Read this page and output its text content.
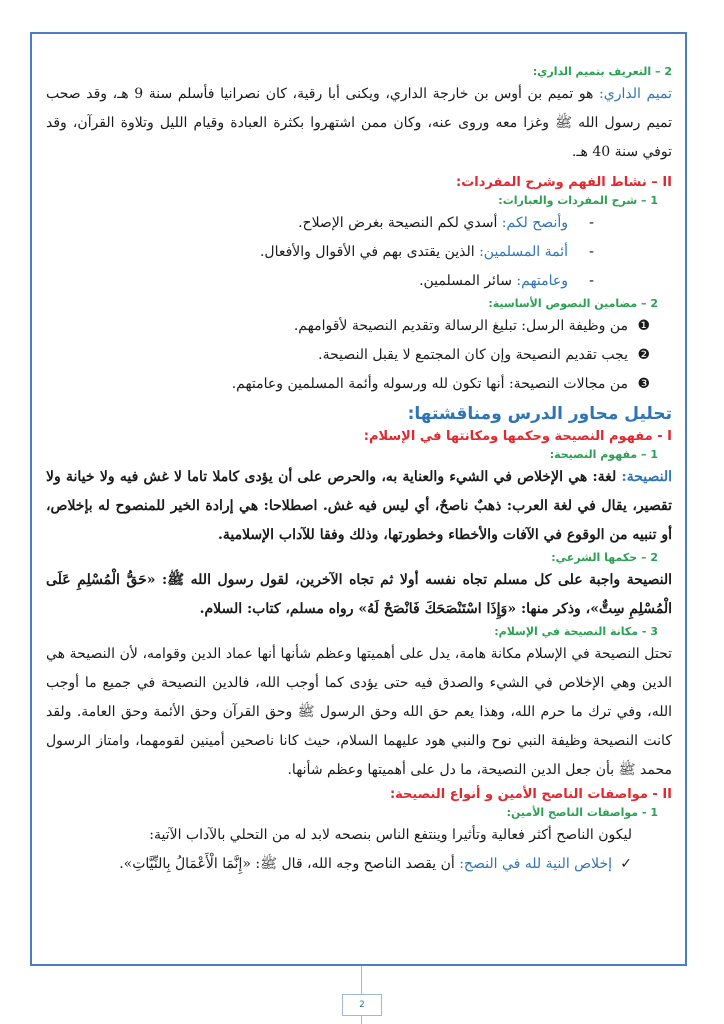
2 – التعريف بتميم الداري:

تميم الداري: هو تميم بن أوس بن خارجة الداري، ويكنى أبا رقية، كان نصرانيا فأسلم سنة 9 هـ، وقد صحب تميم رسول الله ﷺ وغزا معه وروى عنه، وكان ممن اشتهروا بكثرة العبادة وقيام الليل وتلاوة القرآن، وقد توفي سنة 40 هـ.

II – نشاط الفهم وشرح المفردات:
1 – شرح المفردات والعبارات:
-وأنصح لكم: أسدي لكم النصيحة بغرض الإصلاح.
-أئمة المسلمين: الذين يقتدى بهم في الأقوال والأفعال.
-وعامتهم: سائر المسلمين.
2 – مضامين النصوص الأساسية:
❶من وظيفة الرسل: تبليغ الرسالة وتقديم النصيحة لأقوامهم.
❷يجب تقديم النصيحة وإن كان المجتمع لا يقبل النصيحة.
❸من مجالات النصيحة: أنها تكون لله ورسوله وأئمة المسلمين وعامتهم.
تحليل محاور الدرس ومناقشتها:
I - مفهوم النصيحة وحكمها ومكانتها في الإسلام:
1 – مفهوم النصيحة:

النصيحة: لغة: هي الإخلاص في الشيء والعناية به، والحرص على أن يؤدى كاملا تاما لا غش فيه ولا خيانة ولا تقصير، يقال في لغة العرب: ذهبٌ ناصحٌ، أي ليس فيه غش. اصطلاحا: هي إرادة الخير للمنصوح له بإخلاص، أو تنبيه من الوقوع في الآفات والأخطاء وخطورتها، وذلك وفقا للآداب الإسلامية.

2 – حكمها الشرعي:

النصيحة واجبة على كل مسلم تجاه نفسه أولا ثم تجاه الآخرين، لقول رسول الله ﷺ: «حَقُّ الْمُسْلِمِ عَلَى الْمُسْلِمِ سِتٌّ»، وذكر منها: «وَإِذَا اسْتَنْصَحَكَ فَانْصَحْ لَهُ» رواه مسلم، كتاب: السلام.

3 - مكانة النصيحة في الإسلام:

تحتل النصيحة في الإسلام مكانة هامة، يدل على أهميتها وعظم شأنها أنها عماد الدين وقوامه، لأن النصيحة هي الدين وهي الإخلاص في الشيء والصدق فيه حتى يؤدى كما أوجب الله، فالدين النصيحة في جميع ما أوجب الله، وفي ترك ما حرم الله، وهذا يعم حق الله وحق الرسول ﷺ وحق القرآن وحق الأئمة وحق العامة. ولقد كانت النصيحة وظيفة النبي نوح والنبي هود عليهما السلام، حيث كانا ناصحين أمينين لقومهما، وامتاز الرسول محمد ﷺ بأن جعل الدين النصيحة، ما دل على أهميتها وعظم شأنها.

II - مواصفات الناصح الأمين و أنواع النصيحة:
1 - مواصفات الناصح الأمين:

ليكون الناصح أكثر فعالية وتأثيرا وينتفع الناس بنصحه لابد له من التحلي بالآداب الآتية:

✓إخلاص النية لله في النصح: أن يقصد الناصح وجه الله، قال ﷺ: «إِنَّمَا الْأَعْمَالُ بِالنِّيَّاتِ».

2
